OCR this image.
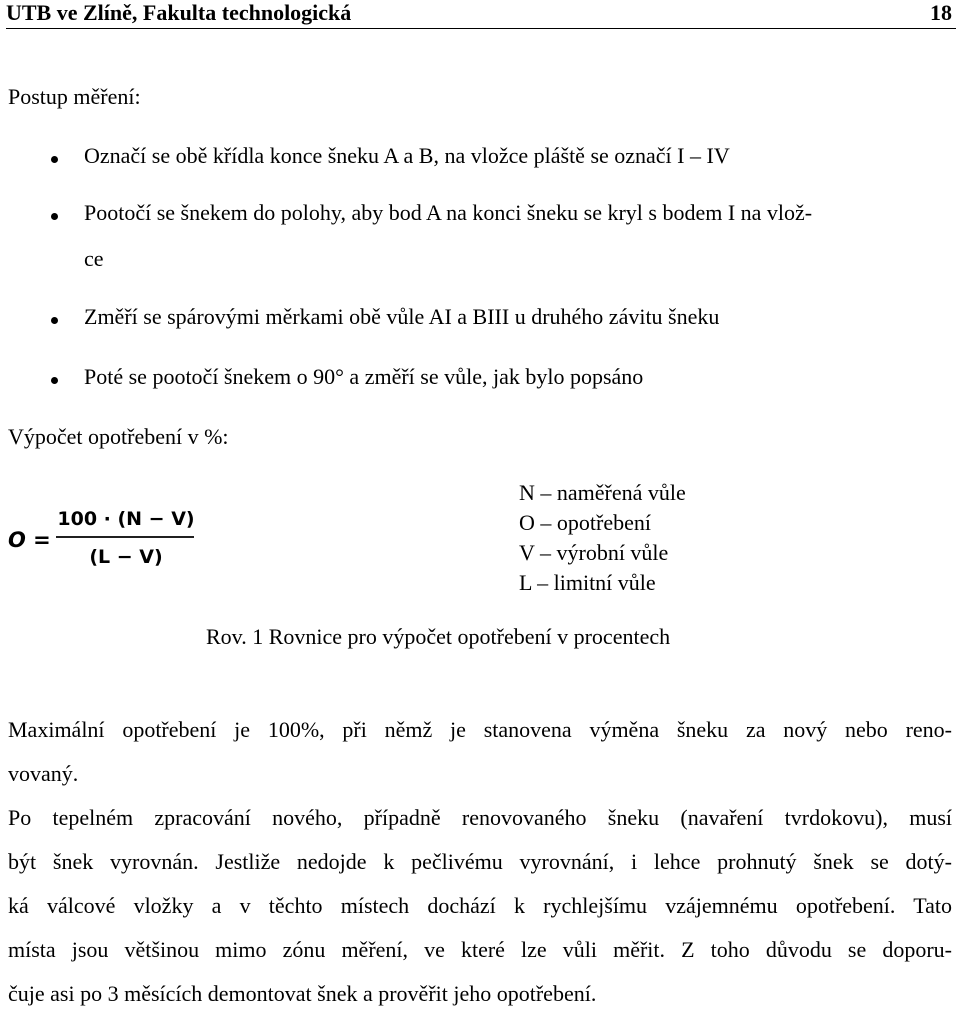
UTB ve Zlíně, Fakulta technologická	18
Postup měření:
Označí se obě křídla konce šneku A a B, na vložce pláště se označí I – IV
Pootočí se šnekem do polohy, aby bod A na konci šneku se kryl s bodem I na vlož-
ce
Změří se spárovými měrkami obě vůle AI a BIII u druhého závitu šneku
Poté se pootočí šnekem o 90° a změří se vůle, jak bylo popsáno
Výpočet opotřebení v %:
O =
100 · (N − V)
(L − V)
N – naměřená vůle
O – opotřebení
V – výrobní vůle
L – limitní vůle
Rov. 1 Rovnice pro výpočet opotřebení v procentech
Maximální opotřebení je 100%, při němž je stanovena výměna šneku za nový nebo reno-
vovaný.
Po tepelném zpracování nového, případně renovovaného šneku (navaření tvrdokovu), musí
být šnek vyrovnán. Jestliže nedojde k pečlivému vyrovnání, i lehce prohnutý šnek se dotý-
ká válcové vložky a v těchto místech dochází k rychlejšímu vzájemnému opotřebení. Tato
místa jsou většinou mimo zónu měření, ve které lze vůli měřit. Z toho důvodu se doporu-
čuje asi po 3 měsících demontovat šnek a prověřit jeho opotřebení.
